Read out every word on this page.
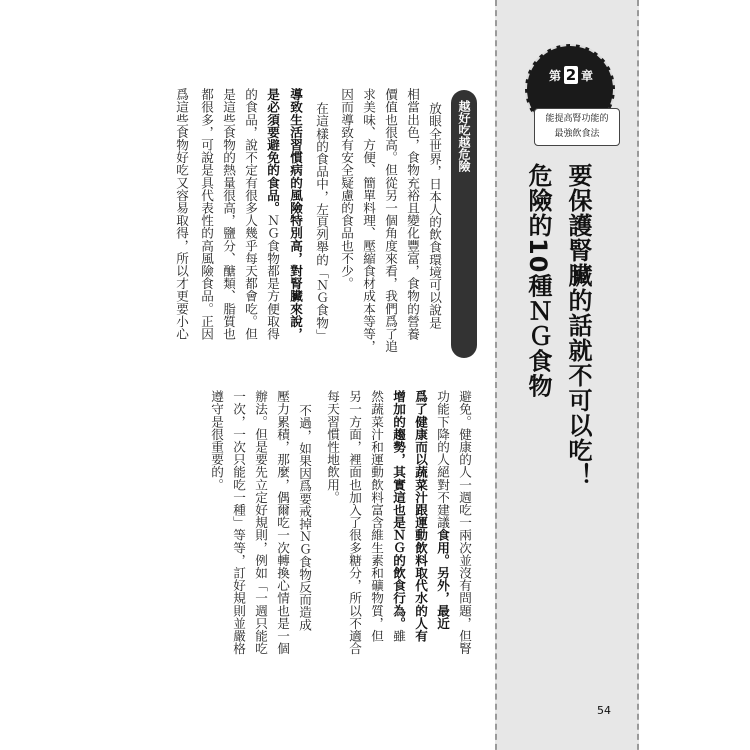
第 2 章
能提高腎功能的
最強飲食法
要保護腎臟的話就不可以吃！
危險的10種ＮＧ食物
越好吃越危險
54
放眼全世界，日本人的飲食環境可以說是
相當出色，食物充裕且變化豐富，食物的營養
價值也很高。但從另一個角度來看，我們爲了追
求美味、方便、簡單料理、壓縮食材成本等等，
因而導致有安全疑慮的食品也不少。
在這樣的食品中，左頁列舉的「ＮＧ食物」
導致生活習慣病的風險特別高，對腎臟來說，
是必須要避免的食品。ＮＧ食物都是方便取得
的食品，說不定有很多人幾乎每天都會吃。但
是這些食物的熱量很高，鹽分、醣類、脂質也
都很多，可說是具代表性的高風險食品。正因
爲這些食物好吃又容易取得，所以才更要小心
避免。健康的人一週吃一兩次並沒有問題，但腎
功能下降的人絕對不建議食用。另外，最近
爲了健康而以蔬菜汁跟運動飲料取代水的人有
增加的趨勢，其實這也是ＮＧ的飲食行為。雖
然蔬菜汁和運動飲料富含維生素和礦物質，但
另一方面，裡面也加入了很多糖分，所以不適合
每天習慣性地飲用。
不過，如果因爲要戒掉ＮＧ食物反而造成
壓力累積，那麼，偶爾吃一次轉換心情也是一個
辦法。但是要先立定好規則，例如「一週只能吃
一次，一次只能吃一種」等等，訂好規則並嚴格
遵守是很重要的。
